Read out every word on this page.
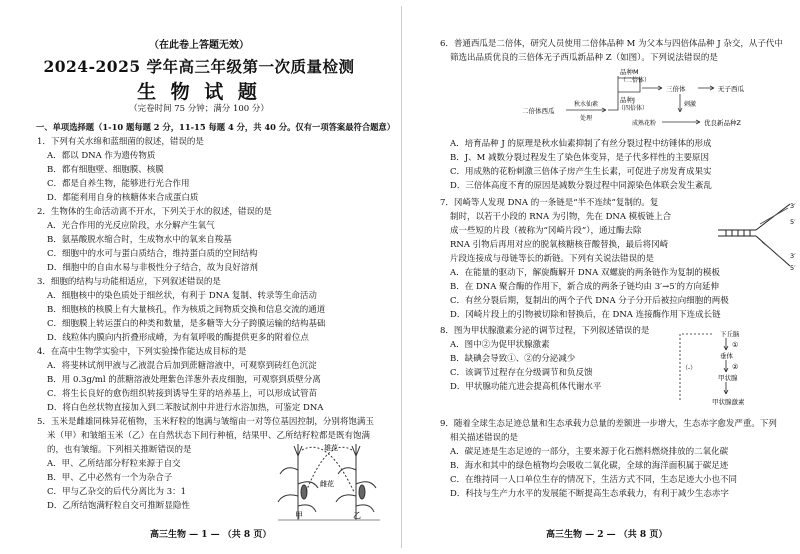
（在此卷上答题无效）
2024-2025 学年高三年级第一次质量检测
生 物 试 题
（完卷时间 75 分钟；满分 100 分）
一、单项选择题（1-10 题每题 2 分，11-15 每题 4 分，共 40 分。仅有一项答案最符合题意）
1．下列有关水绵和蓝细菌的叙述，错误的是
A．都以 DNA 作为遗传物质
B．都有细胞壁、细胞膜、核膜
C．都是自养生物，能够进行光合作用
D．都能利用自身的核糖体来合成蛋白质
2．生物体的生命活动离不开水，下列关于水的叙述，错误的是
A．光合作用的光反应阶段，水分解产生氧气
B．氨基酸脱水缩合时，生成物水中的氧来自羧基
C．细胞中的水可与蛋白质结合，维持蛋白质的空间结构
D．细胞中的自由水易与非极性分子结合，故为良好溶剂
3．细胞的结构与功能相适应，下列叙述错误的是
A．细胞核中的染色质处于细丝状，有利于 DNA 复制、转录等生命活动
B．细胞核的核膜上有大量核孔，作为核质之间物质交换和信息交流的通道
C．细胞膜上转运蛋白的种类和数量，是多糖等大分子跨膜运输的结构基础
D．线粒体内膜向内折叠形成嵴，为有氧呼吸的酶提供更多的附着位点
4．在高中生物学实验中，下列实验操作能达成目标的是
A．将斐林试剂甲液与乙液混合后加到蔗糖溶液中，可观察到砖红色沉淀
B．用 0.3g/ml 的蔗糖溶液处理紫色洋葱外表皮细胞，可观察到质壁分离
C．将生长良好的愈伤组织转接到诱导生芽的培养基上，可以形成试管苗
D．将白色丝状物直接加入到二苯胺试剂中并进行水浴加热，可鉴定 DNA
5．玉米是雌雄同株异花植物，玉米籽粒的饱满与皱缩由一对等位基因控制，分别将饱满玉
米（甲）和皱缩玉米（乙）在自然状态下间行种植，结果甲、乙所结籽粒都是既有饱满
的，也有皱缩。下列相关推断错误的是
A．甲、乙所结部分籽粒来源于自交
B．甲、乙中必然有一个为杂合子
C．甲与乙杂交的后代分离比为 3：1
D．乙所结饱满籽粒自交可推断显隐性
雄花
雌花
甲	乙
高三生物 — 1 — （共 8 页）
6．普通西瓜是二倍体，研究人员使用二倍体品种 M 为父本与四倍体品种 J 杂交，从子代中
筛选出品质优良的三倍体无子西瓜新品种 Z（如图）。下列说法错误的是
A．培育品种 J 的原理是秋水仙素抑制了有丝分裂过程中纺锤体的形成
B．J、M 减数分裂过程发生了染色体变异，是子代多样性的主要原因
C．用成熟的花粉刺激三倍体子房产生生长素，可促进子房发育成果实
D．三倍体高度不育的原因是减数分裂过程中同源染色体联会发生紊乱
7．冈崎等人发现 DNA 的一条链是“半不连续”复制的。复
制时，以若干小段的 RNA 为引物，先在 DNA 模板链上合
成一些短的片段（被称为“冈崎片段”），通过酶去除
RNA 引物后再用对应的脱氧核糖核苷酸替换，最后将冈崎
片段连接成与母链等长的新链。下列有关说法错误的是
A．在能量的驱动下，解旋酶解开 DNA 双螺旋的两条链作为复制的模板
B．在 DNA 聚合酶的作用下，新合成的两条子链均由 3′→5′的方向延伸
C．有丝分裂后期，复制出的两个子代 DNA 分子分开后被拉向细胞的两极
D．冈崎片段上的引物被切除和替换后，在 DNA 连接酶作用下连成长链
8．图为甲状腺激素分泌的调节过程，下列叙述错误的是
A．图中②为促甲状腺激素
B．缺碘会导致①、②的分泌减少
C．该调节过程存在分级调节和负反馈
D．甲状腺功能亢进会提高机体代谢水平
9．随着全球生态足迹总量和生态承载力总量的差额进一步增大，生态赤字愈发严重。下列
相关描述错误的是
A．碳足迹是生态足迹的一部分，主要来源于化石燃料燃烧排放的二氧化碳
B．海水和其中的绿色植物均会吸收二氧化碳，全球的海洋面积属于碳足迹
C．在维持同一人口单位生存的情况下，生活方式不同，生态足迹大小也不同
D．科技与生产力水平的发展能不断提高生态承载力，有利于减少生态赤字
品种M
（二倍体）
品种J
（四倍体）
二倍体西瓜
秋水仙素
处理
三倍体	无子西瓜
刺激
成熟花粉	优良新品种Z
3′
5′
3′
5′
下丘脑
①
垂体
②
甲状腺
甲状腺激素
（-）
高三生物 — 2 — （共 8 页）
